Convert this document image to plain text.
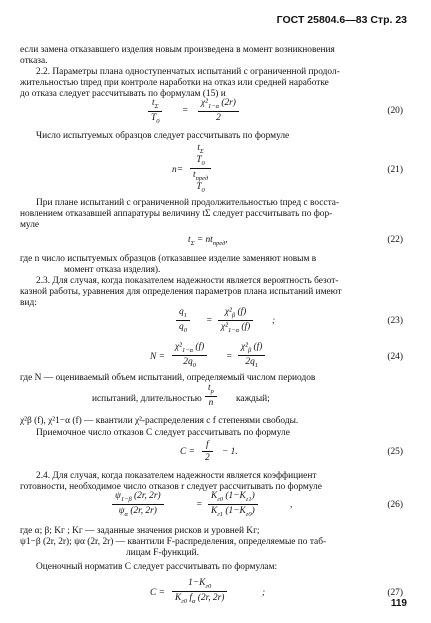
ГОСТ 25804.6—83 Стр. 23
если замена отказавшего изделия новым произведена в момент возникновения
отказа.
2.2. Параметры плана одноступенчатых испытаний с ограниченной продол-
жительностью tпред при контроле наработки на отказ или средней наработке
до отказа следует рассчитывать по формулам (15) и
$\frac{t_\Sigma}{T_0} = \frac{\chi^2_{1-\alpha} (2r)}{2}$	(20)
Число испытуемых образцов следует рассчитывать по формуле
n=
$t_\Sigma$
$T_0$
$t_{пред}$
$T_0$
(21)
При плане испытаний с ограниченной продолжительностью tпред с восста-
новлением отказавшей аппаратуры величину tΣ следует рассчитывать по фор-
муле
$t_\Sigma = nt_{пред}$,	(22)
где n число испытуемых образцов (отказавшее изделие заменяют новым в
момент отказа изделия).
2.3. Для случая, когда показателем надежности является вероятность безот-
казной работы, уравнения для определения параметров плана испытаний имеют
вид:
$\frac{q_1}{q_0} = \frac{\chi^2_\beta (f)}{\chi^2_{1-\alpha} (f)}$ ;	(23)
$N = \frac{\chi^2_{1-\alpha} (f)}{2q_0} = \frac{\chi^2_\beta (f)}{2q_1}$	(24)
где N — оцениваемый объем испытаний, определяемый числом периодов
испытаний, длительностью $\frac{t_p}{n}$ каждый;
χ²β (f), χ²1−α (f) — квантили χ²-распределения с f степенями свободы.
Приемочное число отказов C следует рассчитывать по формуле
$C = \frac{f}{2} - 1$.	(25)
2.4. Для случая, когда показателем надежности является коэффициент
готовности, необходимое число отказов r следует рассчитывать по формуле
$\frac{\psi_{1-\beta} (2r, 2r)}{\psi_\alpha (2r, 2r)}$	=
$K_{г0}$ $(1-K_{г1})$
$K_{г1}$ $(1-K_{г0})$
,	(26)
где α; β; Kг ; Kг — заданные значения рисков и уровней Kг;
ψ1−β (2r, 2r); ψα (2r, 2r) — квантили F-распределения, определяемые по таб-
лицам F-функций.
Оценочный норматив C следует рассчитывать по формулам:
C =
$1-K_{г0}$
$K_{г0}$ $f_\alpha$ (2r, 2r)	;	(27)
119
